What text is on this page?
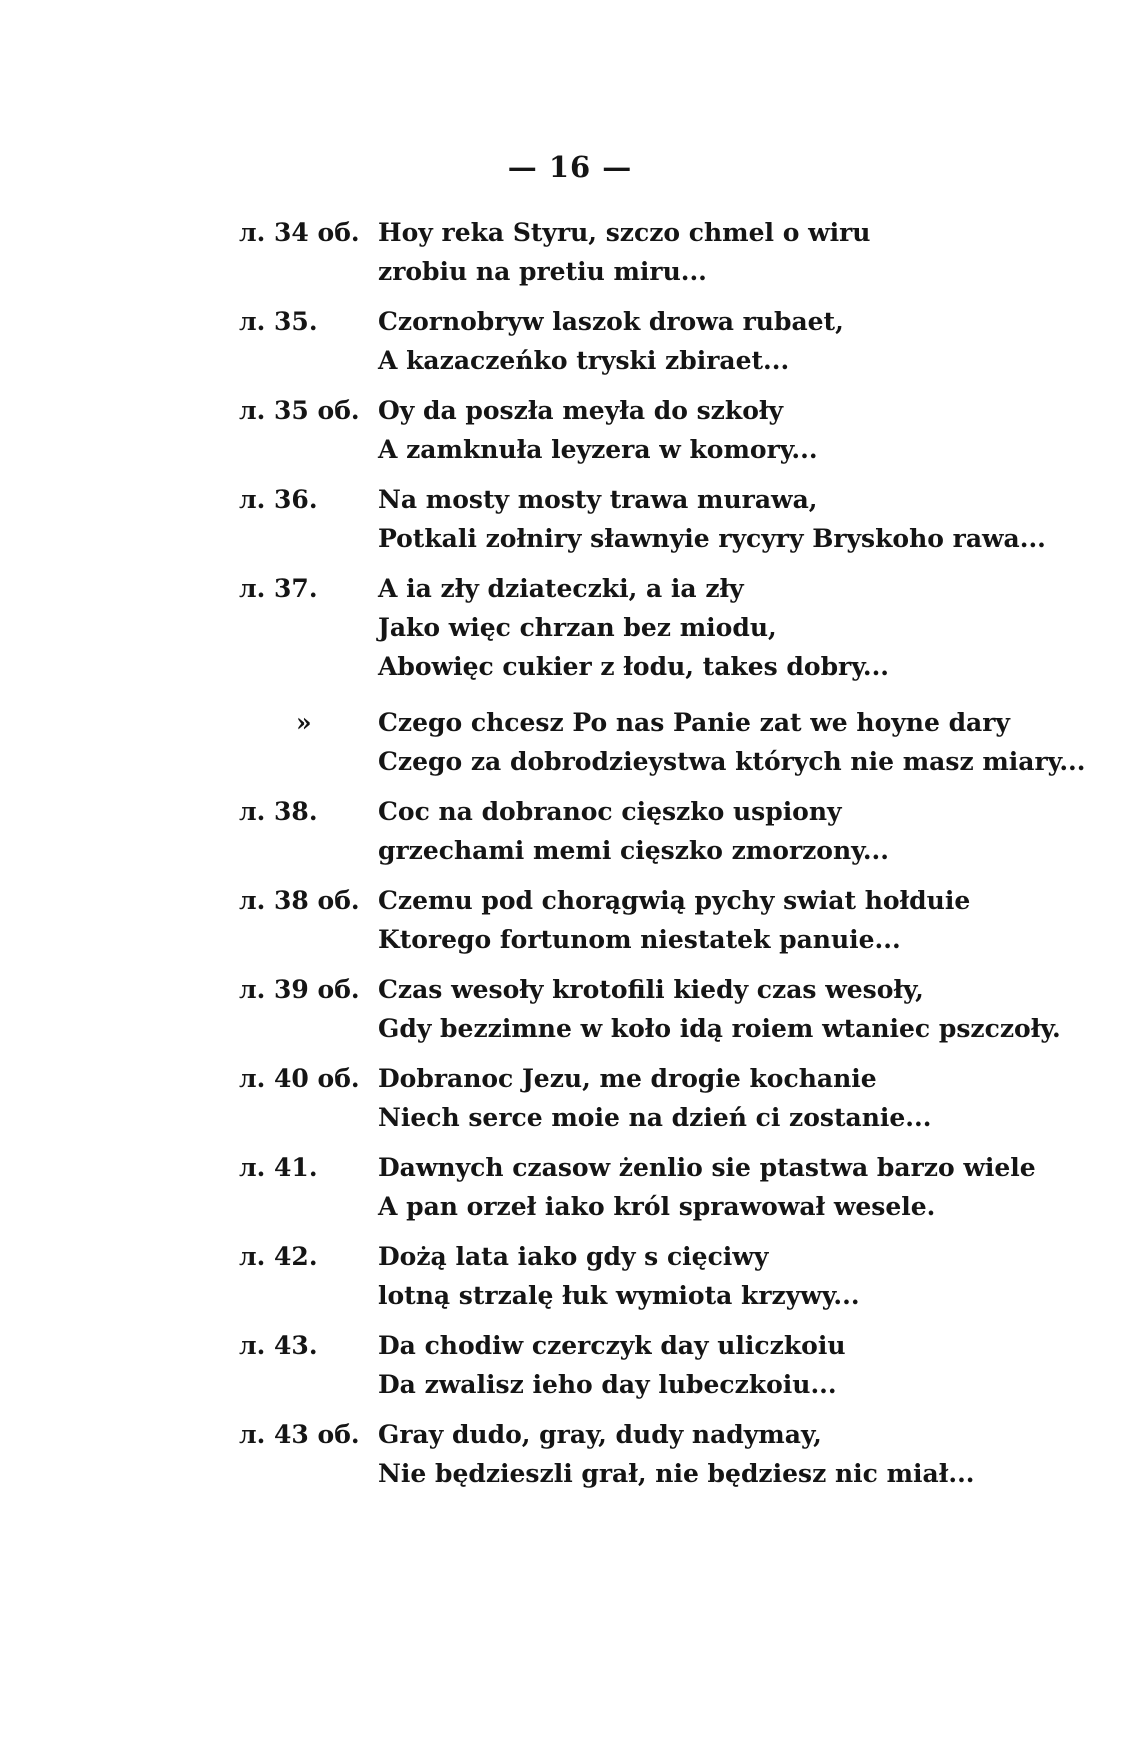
— 16 —
л. 34 об. Hoy reka Styru, szczo chmel o wiru
zrobiu na pretiu miru...
л. 35.	Czornobryw laszok drowa rubaet,
A kazaczeńko tryski zbiraet...
л. 35 об. Oy da poszła meyła do szkoły
A zamknuła leyzera w komory...
л. 36.	Na mosty mosty trawa murawa,
Potkali zołniry sławnyie rycyry Bryskoho rawa...
л. 37.	A ia zły dziateczki, a ia zły
Jako więc chrzan bez miodu,
Abowięc cukier z łodu, takes dobry...
»	Czego chcesz Po nas Panie zat we hoyne dary
Czego za dobrodzieystwa których nie masz miary...
л. 38.	Coc na dobranoc cięszko uspiony
grzechami memi cięszko zmorzony...
л. 38 об. Czemu pod chorągwią pychy swiat hołduie
Ktorego fortunom niestatek panuie...
л. 39 об. Czas wesoły krotofili kiedy czas wesoły,
Gdy bezzimne w koło idą roiem wtaniec pszczoły.
л. 40 об. Dobranoc Jezu, me drogie kochanie
Niech serce moie na dzień ci zostanie...
л. 41.	Dawnych czasow żenlio sie ptastwa barzo wiele
A pan orzeł iako król sprawował wesele.
л. 42.	Dożą lata iako gdy s cięciwy
lotną strzalę łuk wymiota krzywy...
л. 43.	Da chodiw czerczyk day uliczkoiu
Da zwalisz ieho day lubeczkoiu...
л. 43 об. Gray dudo, gray, dudy nadymay,
Nie będzieszli grał, nie będziesz nic miał...
